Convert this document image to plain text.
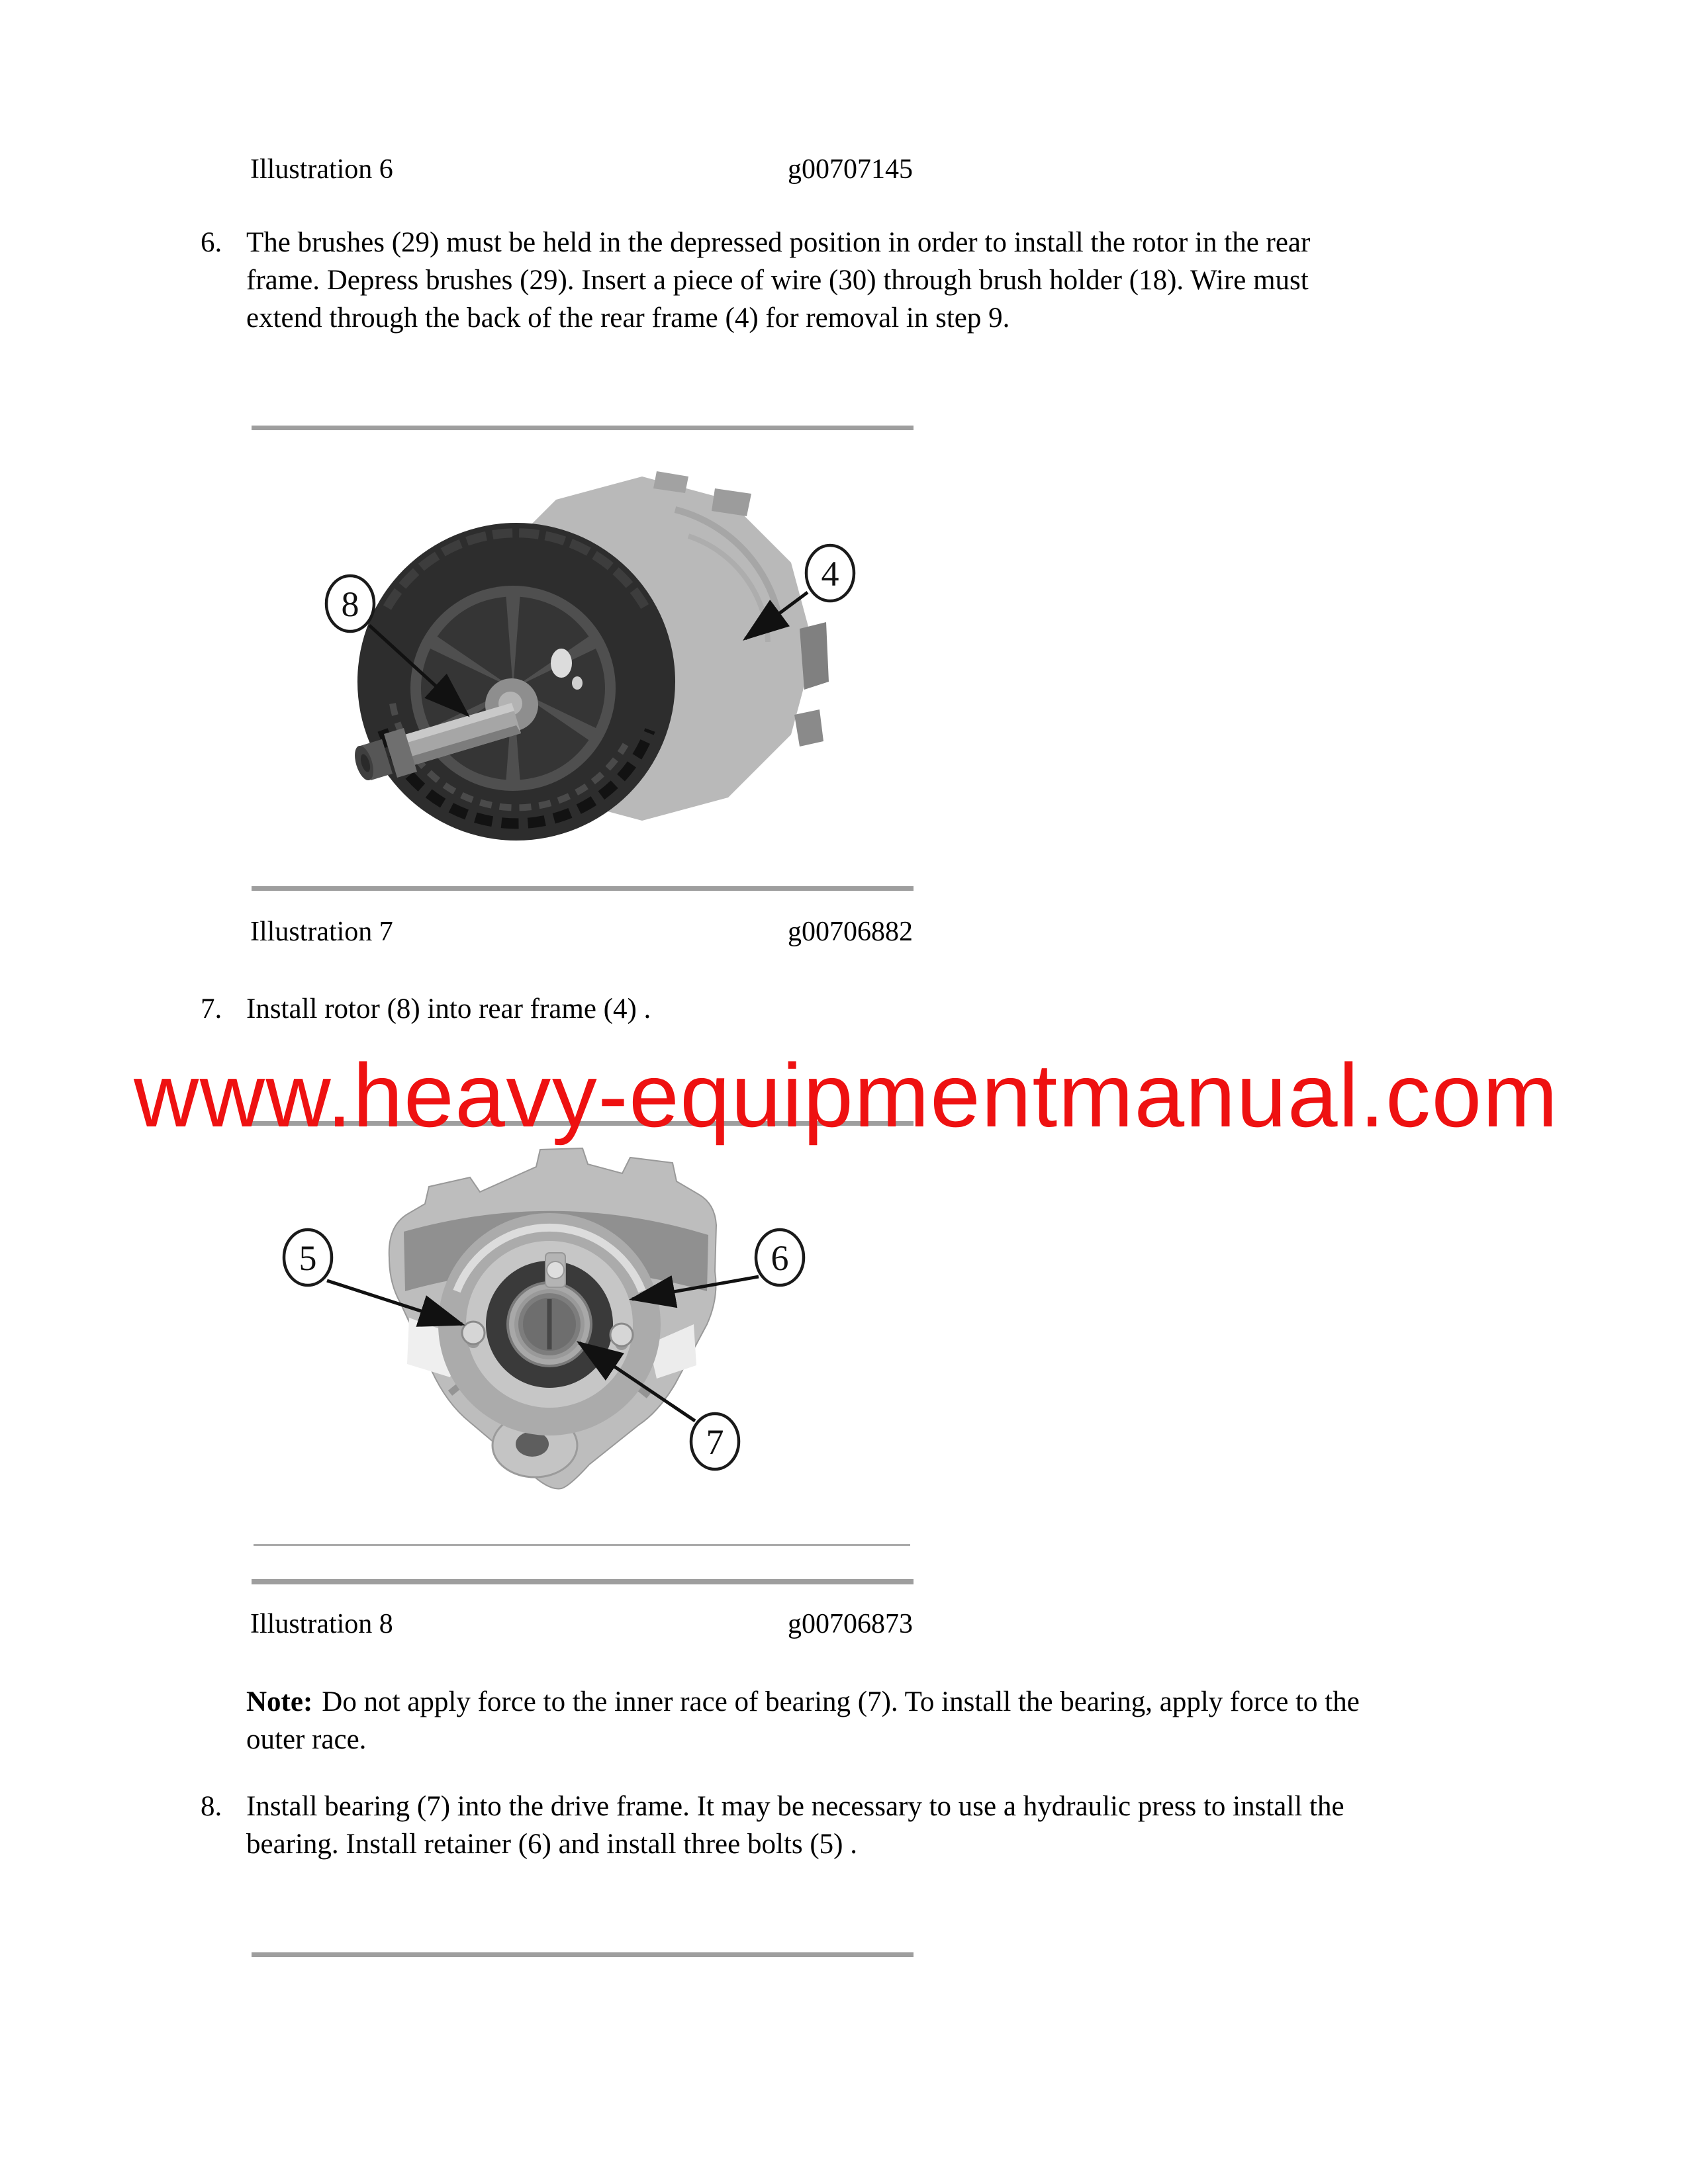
Illustration 6	g00707145
6. The brushes (29) must be held in the depressed position in order to install the rotor in the rear
frame. Depress brushes (29). Insert a piece of wire (30) through brush holder (18). Wire must
extend through the back of the rear frame (4) for removal in step 9.
8
4
Illustration 7	g00706882
7. Install rotor (8) into rear frame (4) .
5	6
7
Illustration 8	g00706873
Note: Do not apply force to the inner race of bearing (7). To install the bearing, apply force to the
outer race.
8. Install bearing (7) into the drive frame. It may be necessary to use a hydraulic press to install the
bearing. Install retainer (6) and install three bolts (5) .
www.heavy-equipmentmanual.com
